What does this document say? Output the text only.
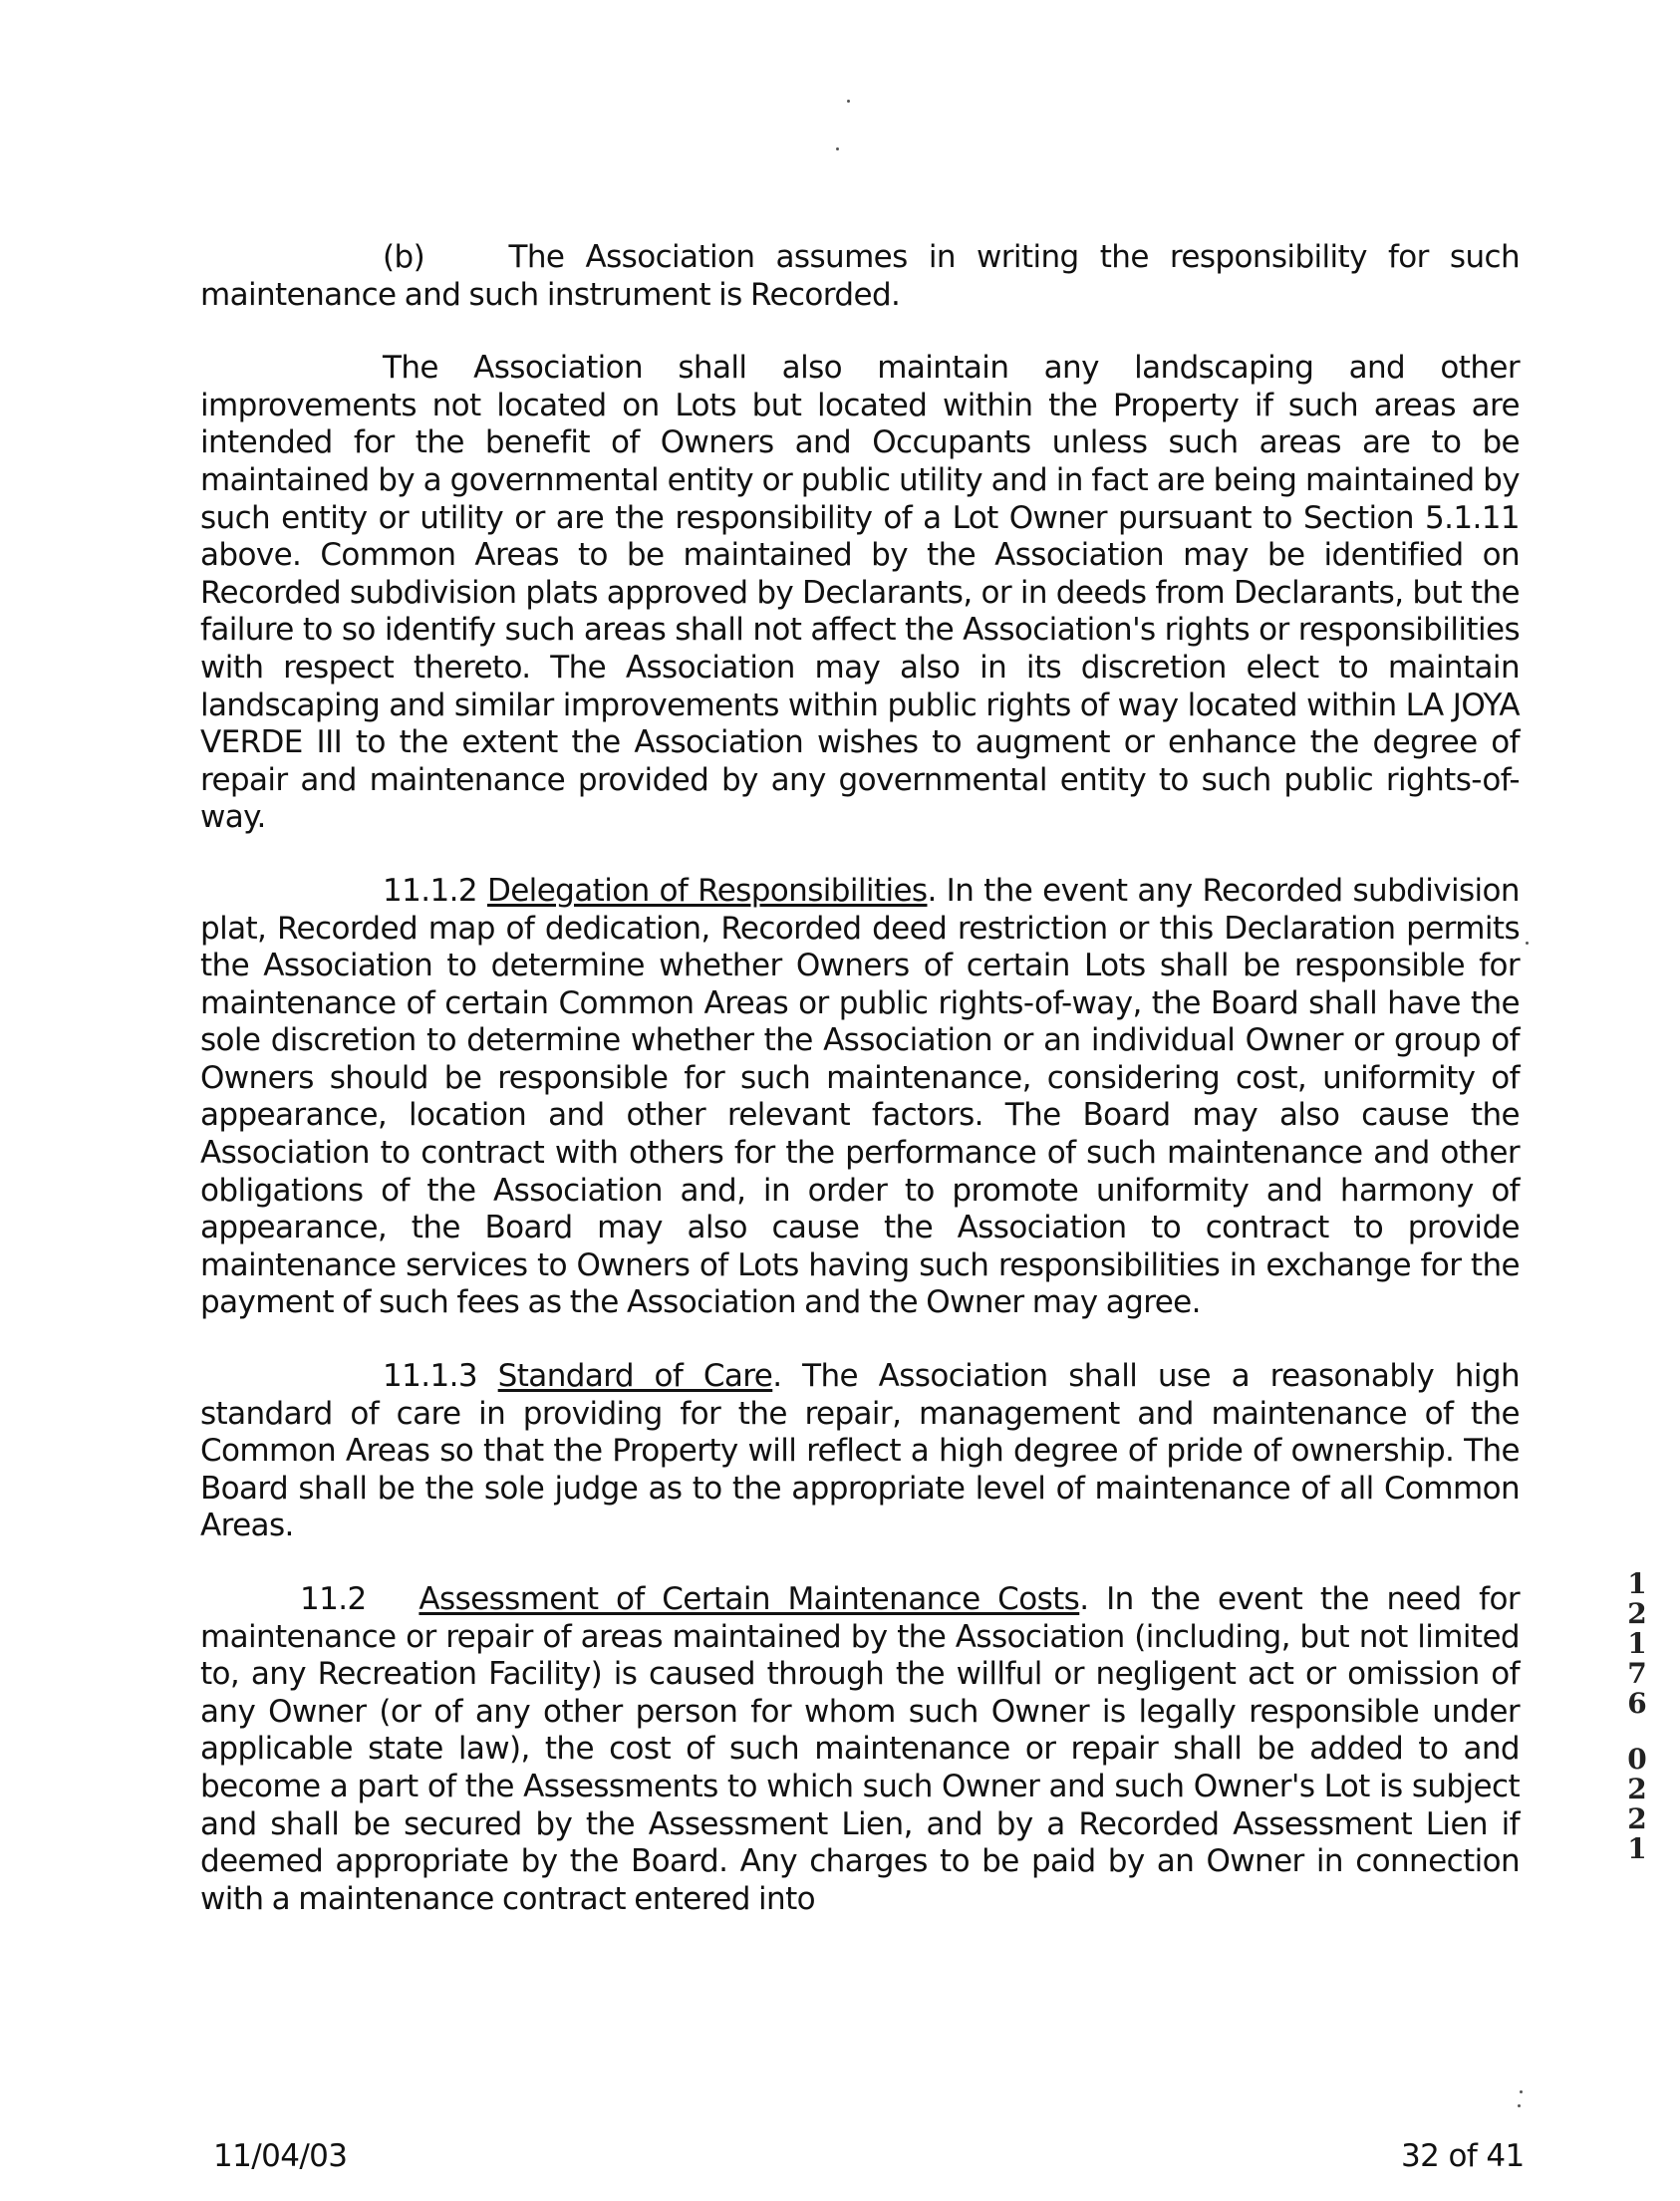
(b)	The Association assumes in writing the responsibility for such maintenance and such instrument is Recorded.

The Association shall also maintain any landscaping and other improvements not located on Lots but located within the Property if such areas are intended for the benefit of Owners and Occupants unless such areas are to be maintained by a governmental entity or public utility and in fact are being maintained by such entity or utility or are the responsibility of a Lot Owner pursuant to Section 5.1.11 above. Common Areas to be maintained by the Association may be identified on Recorded subdivision plats approved by Declarants, or in deeds from Declarants, but the failure to so identify such areas shall not affect the Association's rights or responsibilities with respect thereto. The Association may also in its discretion elect to maintain landscaping and similar improvements within public rights of way located within LA JOYA VERDE III to the extent the Association wishes to augment or enhance the degree of repair and maintenance provided by any governmental entity to such public rights-of-way.

11.1.2 Delegation of Responsibilities. In the event any Recorded subdivision plat, Recorded map of dedication, Recorded deed restriction or this Declaration permits the Association to determine whether Owners of certain Lots shall be responsible for maintenance of certain Common Areas or public rights-of-way, the Board shall have the sole discretion to determine whether the Association or an individual Owner or group of Owners should be responsible for such maintenance, considering cost, uniformity of appearance, location and other relevant factors. The Board may also cause the Association to contract with others for the performance of such maintenance and other obligations of the Association and, in order to promote uniformity and harmony of appearance, the Board may also cause the Association to contract to provide maintenance services to Owners of Lots having such responsibilities in exchange for the payment of such fees as the Association and the Owner may agree.

11.1.3 Standard of Care. The Association shall use a reasonably high standard of care in providing for the repair, management and maintenance of the Common Areas so that the Property will reflect a high degree of pride of ownership. The Board shall be the sole judge as to the appropriate level of maintenance of all Common Areas.

11.2 Assessment of Certain Maintenance Costs. In the event the need for maintenance or repair of areas maintained by the Association (including, but not limited to, any Recreation Facility) is caused through the willful or negligent act or omission of any Owner (or of any other person for whom such Owner is legally responsible under applicable state law), the cost of such maintenance or repair shall be added to and become a part of the Assessments to which such Owner and such Owner's Lot is subject and shall be secured by the Assessment Lien, and by a Recorded Assessment Lien if deemed appropriate by the Board. Any charges to be paid by an Owner in connection with a maintenance contract entered into

11/04/03	32 of 41
1
2
1
7
6
0
2
2
1
